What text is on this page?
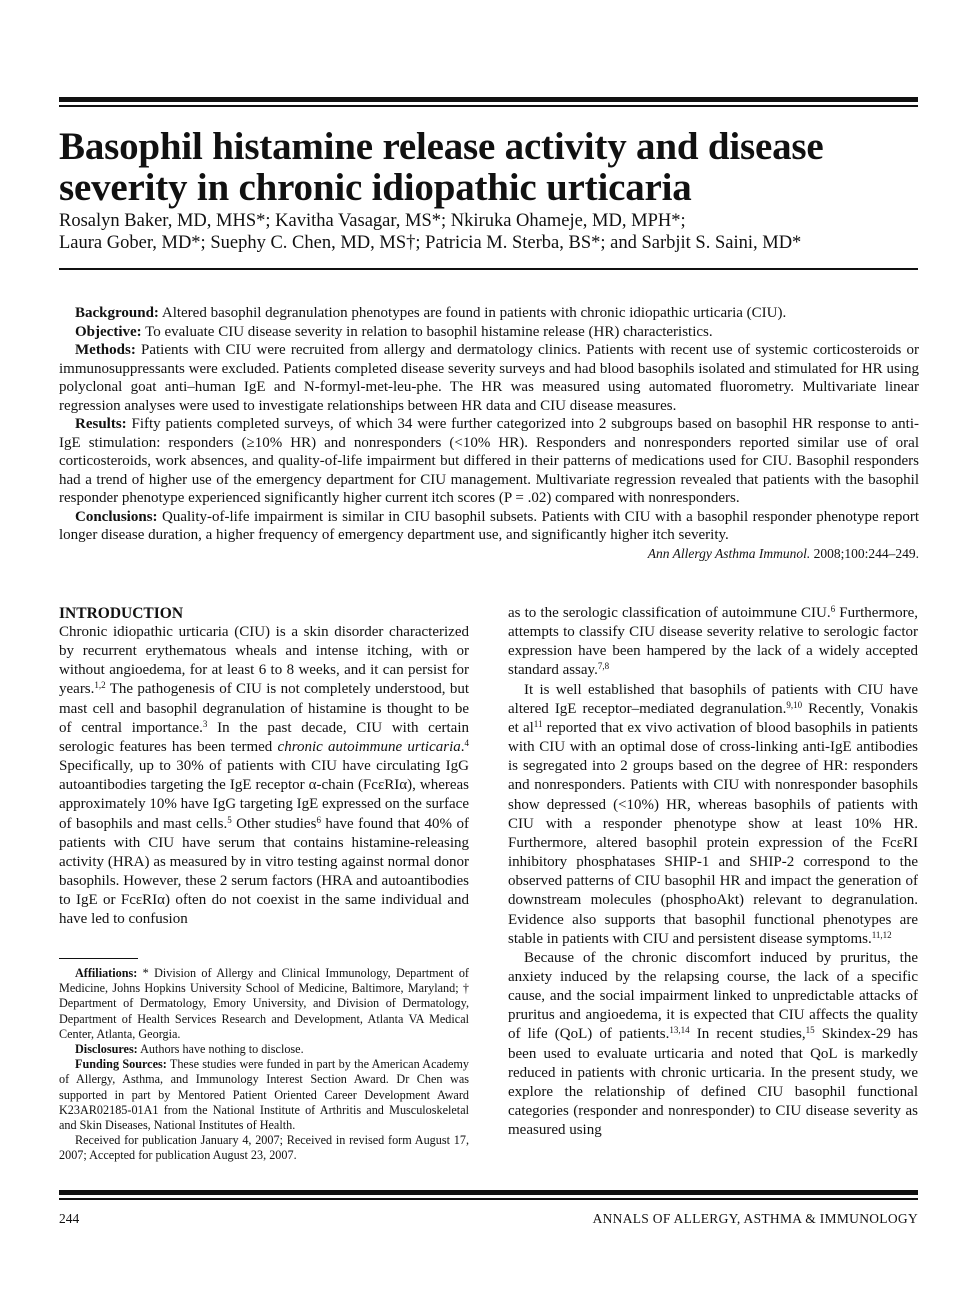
Basophil histamine release activity and disease severity in chronic idiopathic urticaria
Rosalyn Baker, MD, MHS*; Kavitha Vasagar, MS*; Nkiruka Ohameje, MD, MPH*;
Laura Gober, MD*; Suephy C. Chen, MD, MS†; Patricia M. Sterba, BS*; and Sarbjit S. Saini, MD*

Background: Altered basophil degranulation phenotypes are found in patients with chronic idiopathic urticaria (CIU).

Objective: To evaluate CIU disease severity in relation to basophil histamine release (HR) characteristics.

Methods: Patients with CIU were recruited from allergy and dermatology clinics. Patients with recent use of systemic corticosteroids or immunosuppressants were excluded. Patients completed disease severity surveys and had blood basophils isolated and stimulated for HR using polyclonal goat anti–human IgE and N-formyl-met-leu-phe. The HR was measured using automated fluorometry. Multivariate linear regression analyses were used to investigate relationships between HR data and CIU disease measures.

Results: Fifty patients completed surveys, of which 34 were further categorized into 2 subgroups based on basophil HR response to anti-IgE stimulation: responders (≥10% HR) and nonresponders (<10% HR). Responders and nonresponders reported similar use of oral corticosteroids, work absences, and quality-of-life impairment but differed in their patterns of medications used for CIU. Basophil responders had a trend of higher use of the emergency department for CIU management. Multivariate regression revealed that patients with the basophil responder phenotype experienced significantly higher current itch scores (P = .02) compared with nonresponders.

Conclusions: Quality-of-life impairment is similar in CIU basophil subsets. Patients with CIU with a basophil responder phenotype report longer disease duration, a higher frequency of emergency department use, and significantly higher itch severity.

Ann Allergy Asthma Immunol. 2008;100:244–249.
INTRODUCTION

Chronic idiopathic urticaria (CIU) is a skin disorder characterized by recurrent erythematous wheals and intense itching, with or without angioedema, for at least 6 to 8 weeks, and it can persist for years.$^{1,2}$ The pathogenesis of CIU is not completely understood, but mast cell and basophil degranulation of histamine is thought to be of central importance.$^3$ In the past decade, CIU with certain serologic features has been termed chronic autoimmune urticaria.$^4$ Specifically, up to 30% of patients with CIU have circulating IgG autoantibodies targeting the IgE receptor α-chain (FcεRIα), whereas approximately 10% have IgG targeting IgE expressed on the surface of basophils and mast cells.$^5$ Other studies$^6$ have found that 40% of patients with CIU have serum that contains histamine-releasing activity (HRA) as measured by in vitro testing against normal donor basophils. However, these 2 serum factors (HRA and autoantibodies to IgE or FcεRIα) often do not coexist in the same individual and have led to confusion

Affiliations: * Division of Allergy and Clinical Immunology, Department of Medicine, Johns Hopkins University School of Medicine, Baltimore, Maryland; † Department of Dermatology, Emory University, and Division of Dermatology, Department of Health Services Research and Development, Atlanta VA Medical Center, Atlanta, Georgia.

Disclosures: Authors have nothing to disclose.

Funding Sources: These studies were funded in part by the American Academy of Allergy, Asthma, and Immunology Interest Section Award. Dr Chen was supported in part by Mentored Patient Oriented Career Development Award K23AR02185-01A1 from the National Institute of Arthritis and Musculoskeletal and Skin Diseases, National Institutes of Health.

Received for publication January 4, 2007; Received in revised form August 17, 2007; Accepted for publication August 23, 2007.

as to the serologic classification of autoimmune CIU.$^6$ Furthermore, attempts to classify CIU disease severity relative to serologic factor expression have been hampered by the lack of a widely accepted standard assay.$^{7,8}$

It is well established that basophils of patients with CIU have altered IgE receptor–mediated degranulation.$^{9,10}$ Recently, Vonakis et $al^{11}$ reported that ex vivo activation of blood basophils in patients with CIU with an optimal dose of cross-linking anti-IgE antibodies is segregated into 2 groups based on the degree of HR: responders and nonresponders. Patients with CIU with nonresponder basophils show depressed (<10%) HR, whereas basophils of patients with CIU with a responder phenotype show at least 10% HR. Furthermore, altered basophil protein expression of the FcεRI inhibitory phosphatases SHIP-1 and SHIP-2 correspond to the observed patterns of CIU basophil HR and impact the generation of downstream molecules (phosphoAkt) relevant to degranulation. Evidence also supports that basophil functional phenotypes are stable in patients with CIU and persistent disease symptoms.$^{11,12}$

Because of the chronic discomfort induced by pruritus, the anxiety induced by the relapsing course, the lack of a specific cause, and the social impairment linked to unpredictable attacks of pruritus and angioedema, it is expected that CIU affects the quality of life (QoL) of patients.$^{13,14}$ In recent studies,$^{15}$ Skindex-29 has been used to evaluate urticaria and noted that QoL is markedly reduced in patients with chronic urticaria. In the present study, we explore the relationship of defined CIU basophil functional categories (responder and nonresponder) to CIU disease severity as measured using

244	ANNALS OF ALLERGY, ASTHMA & IMMUNOLOGY
